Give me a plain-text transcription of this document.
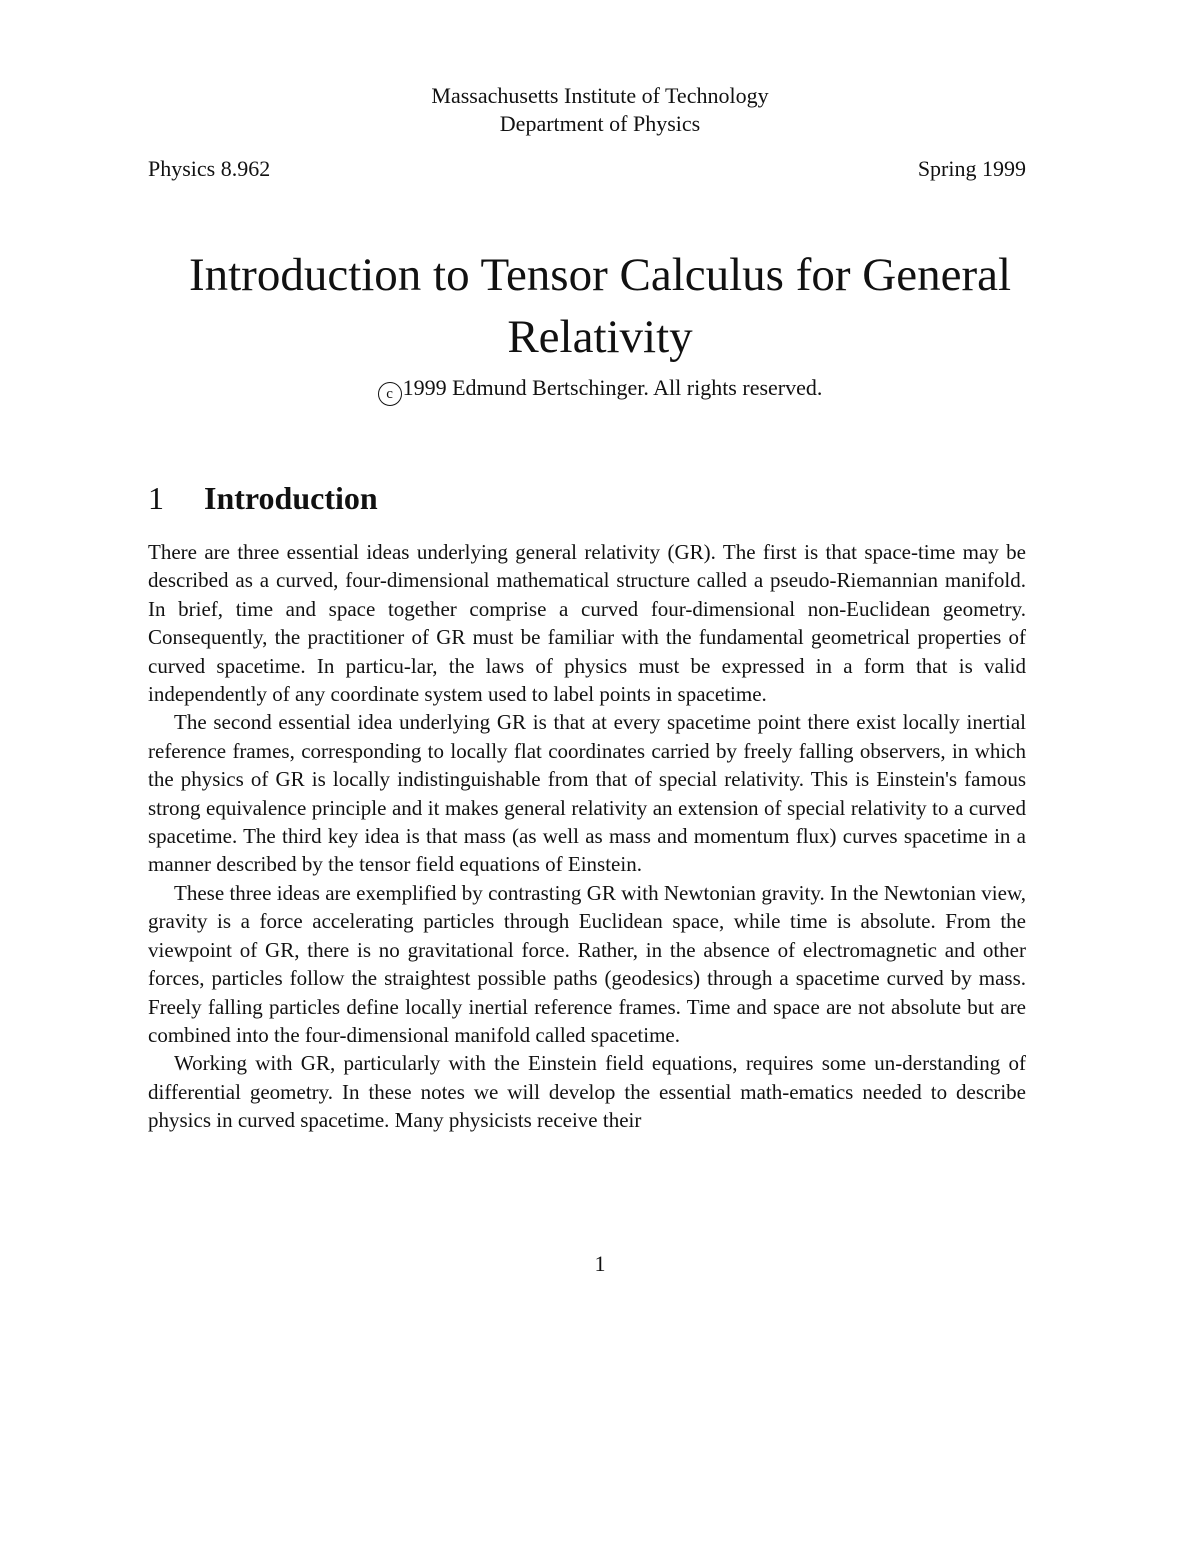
Massachusetts Institute of Technology
Department of Physics
Physics 8.962	Spring 1999
Introduction to Tensor Calculus for General
Relativity
c 1999 Edmund Bertschinger. All rights reserved.
1 Introduction

There are three essential ideas underlying general relativity (GR). The first is that space-time may be described as a curved, four-dimensional mathematical structure called a pseudo-Riemannian manifold. In brief, time and space together comprise a curved four-dimensional non-Euclidean geometry. Consequently, the practitioner of GR must be familiar with the fundamental geometrical properties of curved spacetime. In particu-lar, the laws of physics must be expressed in a form that is valid independently of any coordinate system used to label points in spacetime.

The second essential idea underlying GR is that at every spacetime point there exist locally inertial reference frames, corresponding to locally flat coordinates carried by freely falling observers, in which the physics of GR is locally indistinguishable from that of special relativity. This is Einstein's famous strong equivalence principle and it makes general relativity an extension of special relativity to a curved spacetime. The third key idea is that mass (as well as mass and momentum flux) curves spacetime in a manner described by the tensor field equations of Einstein.

These three ideas are exemplified by contrasting GR with Newtonian gravity. In the Newtonian view, gravity is a force accelerating particles through Euclidean space, while time is absolute. From the viewpoint of GR, there is no gravitational force. Rather, in the absence of electromagnetic and other forces, particles follow the straightest possible paths (geodesics) through a spacetime curved by mass. Freely falling particles define locally inertial reference frames. Time and space are not absolute but are combined into the four-dimensional manifold called spacetime.

Working with GR, particularly with the Einstein field equations, requires some un-derstanding of differential geometry. In these notes we will develop the essential math-ematics needed to describe physics in curved spacetime. Many physicists receive their

1
